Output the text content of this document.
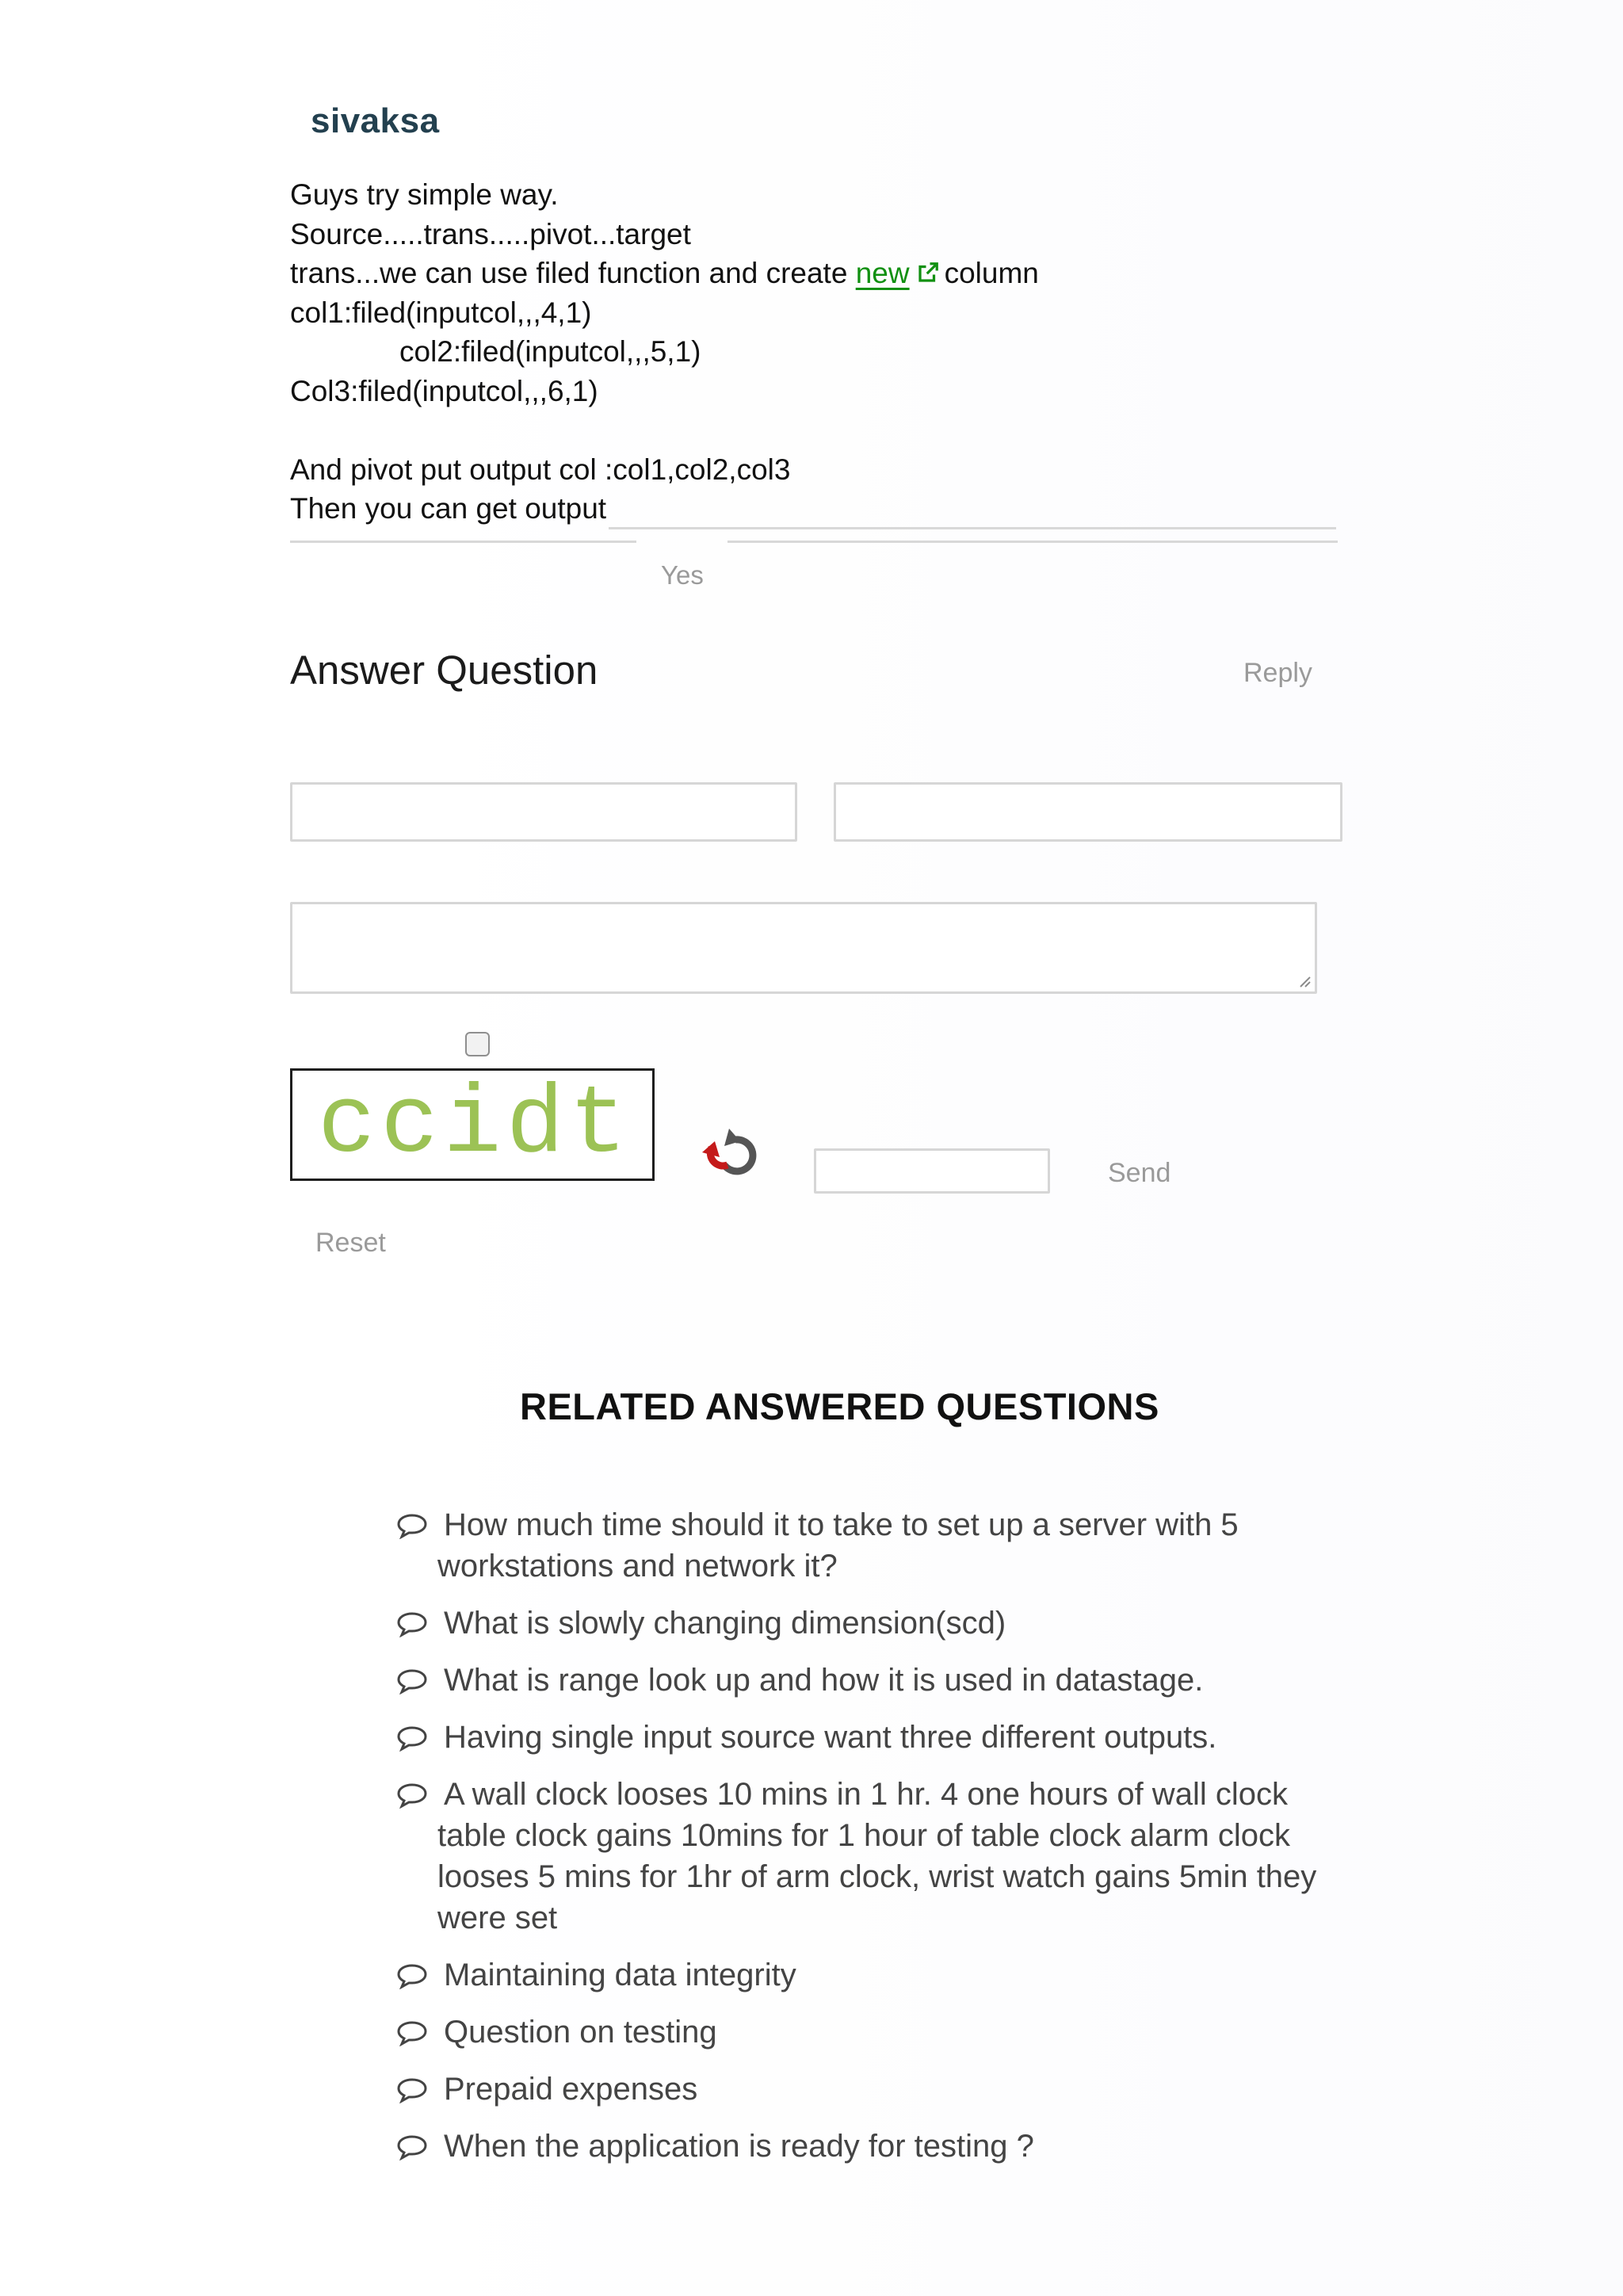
sivaksa
Guys try simple way.
Source.....trans.....pivot...target
trans...we can use filed function and create new column
col1:filed(inputcol,,,4,1)
col2:filed(inputcol,,,5,1)
Col3:filed(inputcol,,,6,1)
And pivot put output col :col1,col2,col3
Then you can get output
Yes
Answer Question	Reply
ccidt	Send
Reset
RELATED ANSWERED QUESTIONS
How much time should it to take to set up a server with 5 workstations and network it?
What is slowly changing dimension(scd)
What is range look up and how it is used in datastage.
Having single input source want three different outputs.
A wall clock looses 10 mins in 1 hr. 4 one hours of wall clock table clock gains 10mins for 1 hour of table clock alarm clock looses 5 mins for 1hr of arm clock, wrist watch gains 5min they were set
Maintaining data integrity
Question on testing
Prepaid expenses
When the application is ready for testing ?
